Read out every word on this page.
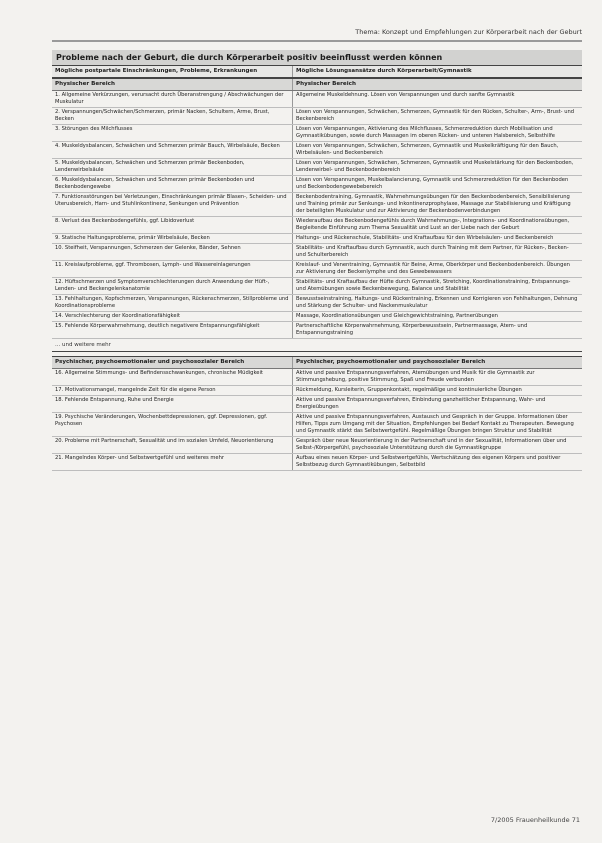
Thema: Konzept und Empfehlungen zur Körperarbeit nach der Geburt
Probleme nach der Geburt, die durch Körperarbeit positiv beeinflusst werden können
Mögliche postpartale Einschränkungen, Probleme, Erkrankungen	Mögliche Lösungsansätze durch Körperarbeit/Gymnastik
Physischer Bereich	Physischer Bereich
1. Allgemeine Verkürzungen, verursacht durch Überanstrengung / Abschwächungen der Muskulatur
Allgemeine Muskeldehnung. Lösen von Verspannungen und durch sanfte Gymnastik
2. Verspannungen/Schwächen/Schmerzen, primär Nacken, Schultern, Arme, Brust, Becken
Lösen von Verspannungen, Schwächen, Schmerzen, Gymnastik für den Rücken, Schulter-, Arm-, Brust- und Beckenbereich
3. Störungen des Milchflusses	Lösen von Verspannungen, Aktivierung des Milchflusses, Schmerzreduktion durch Mobilisation und Gymnastikübungen, sowie durch Massagen im oberen Rücken- und unteren Halsbereich, Selbsthilfe
4. Muskeldysbalancen, Schwächen und Schmerzen primär Bauch, Wirbelsäule, Becken	Lösen von Verspannungen, Schwächen, Schmerzen, Gymnastik und Muskelkräftigung für den Bauch, Wirbelsäulen- und Beckenbereich
5. Muskeldysbalancen, Schwächen und Schmerzen primär Beckenboden, Lendenwirbelsäule
Lösen von Verspannungen, Schwächen, Schmerzen, Gymnastik und Muskelstärkung für den Beckenboden, Lendenwirbel- und Beckenbodenbereich
6. Muskeldysbalancen, Schwächen und Schmerzen primär Beckenboden und Beckenbodengewebe
Lösen von Verspannungen, Muskelbalancierung, Gymnastik und Schmerzreduktion für den Beckenboden und Beckenbodengewebebereich
7. Funktionsstörungen bei Verletzungen, Einschränkungen primär Blasen-, Scheiden- und Uterusbereich, Harn- und Stuhlinkontinenz, Senkungen und Prävention
Beckenbodentraining, Gymnastik, Wahrnehmungsübungen für den Beckenbodenbereich, Sensibilisierung und Training primär zur Senkungs- und Inkontinenzprophylaxe, Massage zur Stabilisierung und Kräftigung der beteiligten Muskulatur und zur Aktivierung der Beckenbodenverbindungen
8. Verlust des Beckenbodengefühls, ggf. Libidoverlust	Wiederaufbau des Beckenbodengefühls durch Wahrnehmungs-, Integrations- und Koordinationsübungen, Begleitende Einführung zum Thema Sexualität und Lust an der Liebe nach der Geburt
9. Statische Haltungsprobleme, primär Wirbelsäule, Becken	Haltungs- und Rückenschule, Stabilitäts- und Kraftaufbau für den Wirbelsäulen- und Beckenbereich
10. Steifheit, Verspannungen, Schmerzen der Gelenke, Bänder, Sehnen	Stabilitäts- und Kraftaufbau durch Gymnastik, auch durch Training mit dem Partner, für Rücken-, Becken- und Schulterbereich
11. Kreislaufprobleme, ggf. Thrombosen, Lymph- und Wassereinlagerungen	Kreislauf- und Venentraining, Gymnastik für Beine, Arme, Oberkörper und Beckenbodenbereich. Übungen zur Aktivierung der Beckenlymphe und des Gewebewassers
12. Hüftschmerzen und Symptomverschlechterungen durch Anwendung der Hüft-, Lenden- und Beckengelenkanatomie
Stabilitäts- und Kraftaufbau der Hüfte durch Gymnastik, Stretching, Koordinationstraining, Entspannungs- und Atemübungen sowie Beckenbewegung, Balance und Stabilität
13. Fehlhaltungen, Kopfschmerzen, Verspannungen, Rückenschmerzen, Stillprobleme und Koordinationsprobleme
Bewusstseinstraining, Haltungs- und Rückentraining, Erkennen und Korrigieren von Fehlhaltungen, Dehnung und Stärkung der Schulter- und Nackenmuskulatur
14. Verschlechterung der Koordinationsfähigkeit	Massage, Koordinationsübungen und Gleichgewichtstraining, Partnerübungen
15. Fehlende Körperwahrnehmung, deutlich negativere Entspannungsfähigkeit	Partnerschaftliche Körperwahrnehmung, Körperbewusstsein, Partnermassage, Atem- und Entspannungstraining
... und weitere mehr
Psychischer, psychoemotionaler und psychosozialer Bereich	Psychischer, psychoemotionaler und psychosozialer Bereich
16. Allgemeine Stimmungs- und Befindensschwankungen, chronische Müdigkeit	Aktive und passive Entspannungsverfahren, Atemübungen und Musik für die Gymnastik zur Stimmungshebung, positive Stimmung, Spaß und Freude verbunden
17. Motivationsmangel, mangelnde Zeit für die eigene Person	Rückmeldung, Kursleiterin, Gruppenkontakt, regelmäßige und kontinuierliche Übungen
18. Fehlende Entspannung, Ruhe und Energie	Aktive und passive Entspannungsverfahren, Einbindung ganzheitlicher Entspannung, Wahr- und Energieübungen
19. Psychische Veränderungen, Wochenbettdepressionen, ggf. Depressionen, ggf. Psychosen
Aktive und passive Entspannungsverfahren, Austausch und Gespräch in der Gruppe. Informationen über Hilfen, Tipps zum Umgang mit der Situation, Empfehlungen bei Bedarf Kontakt zu Therapeuten. Bewegung und Gymnastik stärkt das Selbstwertgefühl. Regelmäßige Übungen bringen Struktur und Stabilität
20. Probleme mit Partnerschaft, Sexualität und im sozialen Umfeld, Neuorientierung	Gespräch über neue Neuorientierung in der Partnerschaft und in der Sexualität, Informationen über und Selbst-/Körpergefühl, psychosoziale Unterstützung durch die Gymnastikgruppe
21. Mangelndes Körper- und Selbstwertgefühl und weiteres mehr	Aufbau eines neuen Körper- und Selbstwertgefühls, Wertschätzung des eigenen Körpers und positiver Selbstbezug durch Gymnastikübungen, Selbstbild
7/2005 Frauenheilkunde 71
